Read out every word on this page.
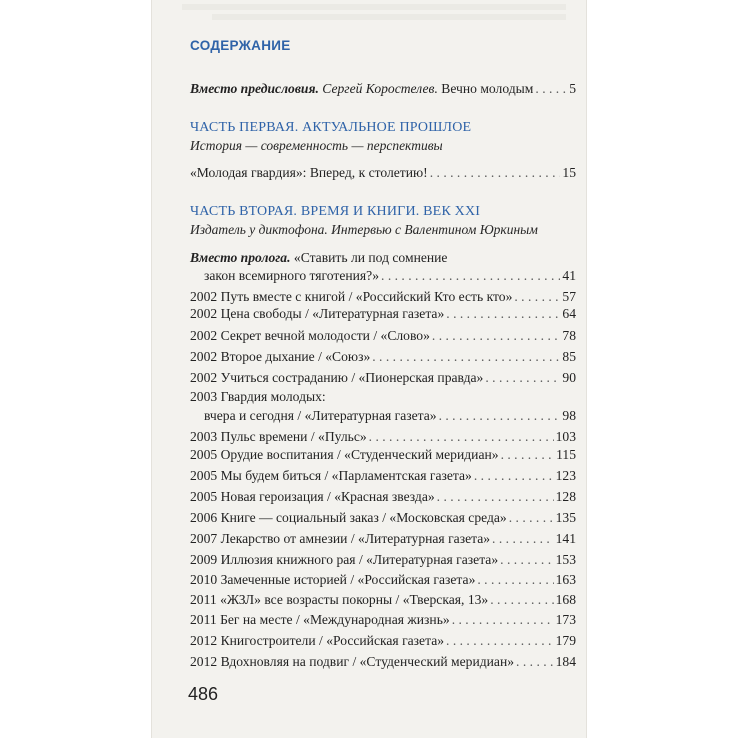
СОДЕРЖАНИЕ
Вместо предисловия. Сергей Коростелев. Вечно молодым . . .	5
ЧАСТЬ ПЕРВАЯ. АКТУАЛЬНОЕ ПРОШЛОЕ
История — современность — перспективы
«Молодая гвардия»: Вперед, к столетию! . . .	15
ЧАСТЬ ВТОРАЯ. ВРЕМЯ И КНИГИ. ВЕК XXI
Издатель у диктофона. Интервью с Валентином Юркиным
Вместо пролога. «Ставить ли под сомнение
закон всемирного тяготения?» . . .	41
2002 Путь вместе с книгой / «Российский Кто есть кто» . . .	57
2002 Цена свободы / «Литературная газета» . . .	64
2002 Секрет вечной молодости / «Слово» . . .	78
2002 Второе дыхание / «Союз» . . .	85
2002 Учиться состраданию / «Пионерская правда» . . .	90
2003 Гвардия молодых:
вчера и сегодня / «Литературная газета» . . .	98
2003 Пульс времени / «Пульс» . . .	103
2005 Орудие воспитания / «Студенческий меридиан» . . .	115
2005 Мы будем биться / «Парламентская газета» . . .	123
2005 Новая героизация / «Красная звезда» . . .	128
2006 Книге — социальный заказ / «Московская среда» . . .	135
2007 Лекарство от амнезии / «Литературная газета» . . .	141
2009 Иллюзия книжного рая / «Литературная газета» . . .	153
2010 Замеченные историей / «Российская газета» . . .	163
2011 «ЖЗЛ» все возрасты покорны / «Тверская, 13» . . .	168
2011 Бег на месте / «Международная жизнь» . . .	173
2012 Книгостроители / «Российская газета» . . .	179
2012 Вдохновляя на подвиг / «Студенческий меридиан» . . .	184
486
